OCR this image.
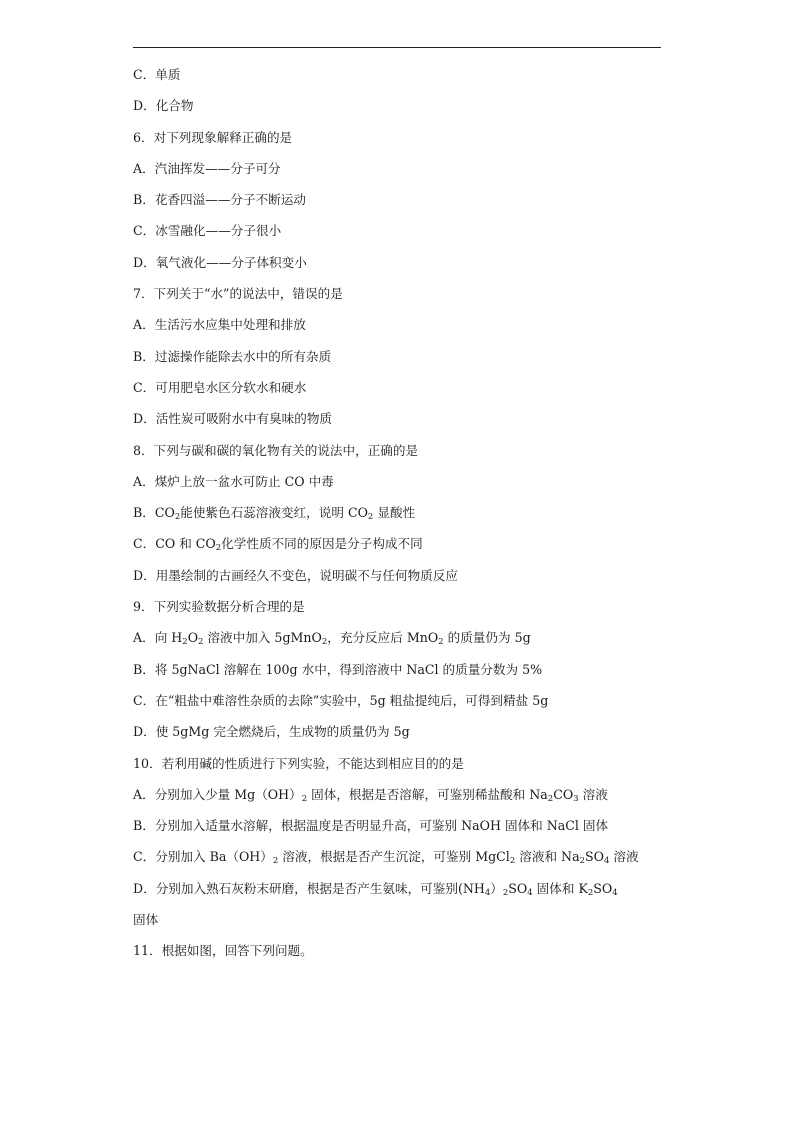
C．单质
D．化合物
6．对下列现象解释正确的是
A．汽油挥发——分子可分
B．花香四溢——分子不断运动
C．冰雪融化——分子很小
D．氧气液化——分子体积变小
7．下列关于“水”的说法中，错误的是
A．生活污水应集中处理和排放
B．过滤操作能除去水中的所有杂质
C．可用肥皂水区分软水和硬水
D．活性炭可吸附水中有臭味的物质
8．下列与碳和碳的氧化物有关的说法中，正确的是
A．煤炉上放一盆水可防止 CO 中毒
B．$CO_2$能使紫色石蕊溶液变红，说明 $CO_2$ 显酸性
C．CO 和 $CO_2$化学性质不同的原因是分子构成不同
D．用墨绘制的古画经久不变色，说明碳不与任何物质反应
9．下列实验数据分析合理的是
A．向 $H_2O_2$ 溶液中加入 5gMnO$_2$，充分反应后 MnO$_2$ 的质量仍为 5g
B．将 5gNaCl 溶解在 100g 水中，得到溶液中 NaCl 的质量分数为 5%
C．在“粗盐中难溶性杂质的去除”实验中，5g 粗盐提纯后，可得到精盐 5g
D．使 5gMg 完全燃烧后，生成物的质量仍为 5g
10．若利用碱的性质进行下列实验，不能达到相应目的的是
A．分别加入少量 $Mg(OH)_2$ 固体，根据是否溶解，可鉴别稀盐酸和 $Na_2CO_3$ 溶液
B．分别加入适量水溶解，根据温度是否明显升高，可鉴别 NaOH 固体和 NaCl 固体
C．分别加入 $Ba(OH)_2$ 溶液，根据是否产生沉淀，可鉴别 MgCl$_2$ 溶液和 $Na_2SO_4$ 溶液
D．分别加入熟石灰粉末研磨，根据是否产生氨味，可鉴别$(NH_4)_2SO_4$ 固体和 $K_2SO_4$
固体
11．根据如图，回答下列问题。
